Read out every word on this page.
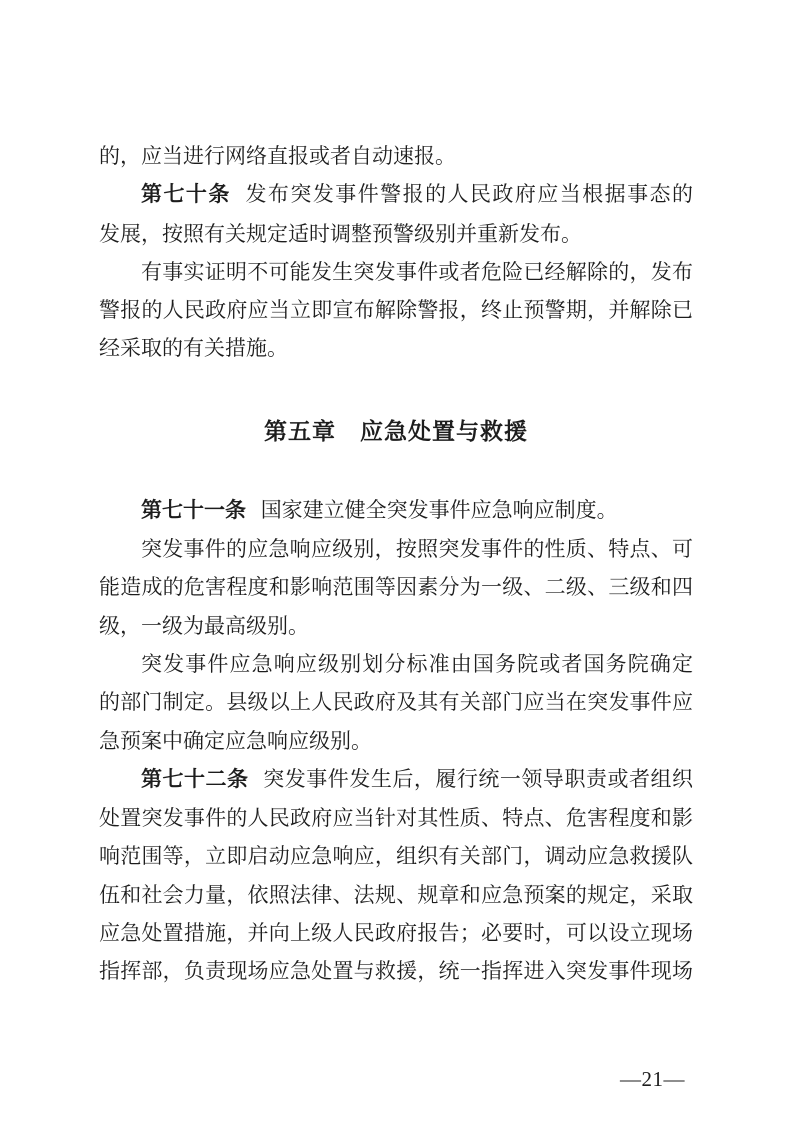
的，应当进行网络直报或者自动速报。

第七十条 发布突发事件警报的人民政府应当根据事态的
发展，按照有关规定适时调整预警级别并重新发布。

有事实证明不可能发生突发事件或者危险已经解除的，发布
警报的人民政府应当立即宣布解除警报，终止预警期，并解除已
经采取的有关措施。

第五章　应急处置与救援

第七十一条 国家建立健全突发事件应急响应制度。

突发事件的应急响应级别，按照突发事件的性质、特点、可
能造成的危害程度和影响范围等因素分为一级、二级、三级和四
级，一级为最高级别。

突发事件应急响应级别划分标准由国务院或者国务院确定
的部门制定。县级以上人民政府及其有关部门应当在突发事件应
急预案中确定应急响应级别。

第七十二条 突发事件发生后，履行统一领导职责或者组织
处置突发事件的人民政府应当针对其性质、特点、危害程度和影
响范围等，立即启动应急响应，组织有关部门，调动应急救援队
伍和社会力量，依照法律、法规、规章和应急预案的规定，采取
应急处置措施，并向上级人民政府报告；必要时，可以设立现场
指挥部，负责现场应急处置与救援，统一指挥进入突发事件现场

—21—
